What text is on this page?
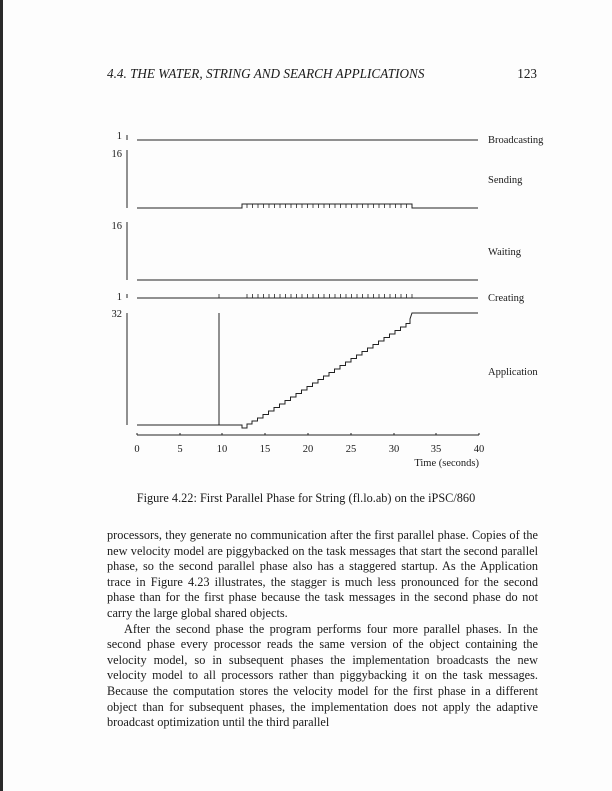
4.4. THE WATER, STRING AND SEARCH APPLICATIONS	123
1
16
16
1
32
Broadcasting
Sending
Waiting
Creating
Application
0	5	10	15	20	25	30	35	40
Time (seconds)
Figure 4.22: First Parallel Phase for String (fl.lo.ab) on the iPSC/860

processors, they generate no communication after the first parallel phase. Copies of the new velocity model are piggybacked on the task messages that start the second parallel phase, so the second parallel phase also has a staggered startup. As the Application trace in Figure 4.23 illustrates, the stagger is much less pronounced for the second phase than for the first phase because the task messages in the second phase do not carry the large global shared objects.

After the second phase the program performs four more parallel phases. In the second phase every processor reads the same version of the object containing the velocity model, so in subsequent phases the implementation broadcasts the new velocity model to all processors rather than piggybacking it on the task messages. Because the computation stores the velocity model for the first phase in a different object than for subsequent phases, the implementation does not apply the adaptive broadcast optimization until the third parallel
